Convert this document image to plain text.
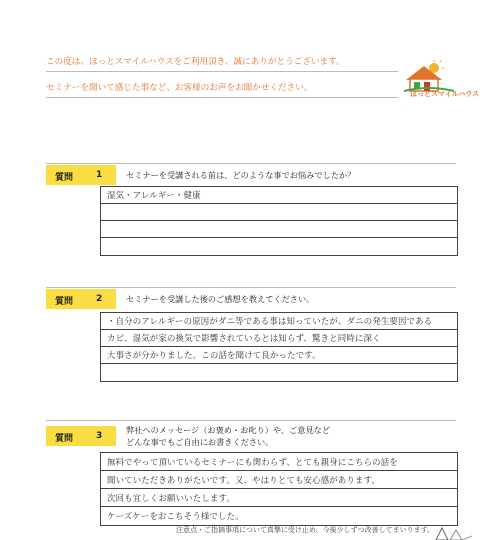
この度は、ほっとスマイルハウスをご利用頂き、誠にありがとうございます。
セミナーを聞いて感じた事など、お客様のお声をお聞かせください。
ほっとスマイルハウス
質問	1	セミナーを受講される前は、どのような事でお悩みでしたか？
湿気・アレルギー・健康
質問	2	セミナーを受講した後のご感想を教えてください。
・自分のアレルギーの原因がダニ等である事は知っていたが、ダニの発生要因である
カビ、湿気が家の換気で影響されているとは知らず、驚きと同時に深く
大事さが分かりました。この話を聞けて良かったです。
質問	3
弊社へのメッセージ（お褒め・お叱り）や、ご意見など
どんな事でもご自由にお書きください。
無料でやって頂いているセミナーにも関わらず、とても親身にこちらの話を
聞いていただきありがたいです。又、やはりとても安心感があります。
次回も宜しくお願いいたします。
ケーズケーをおこちそう様でした。
注意点・ご指摘事項について真摯に受け止め、今後少しずつ改善してまいります。
